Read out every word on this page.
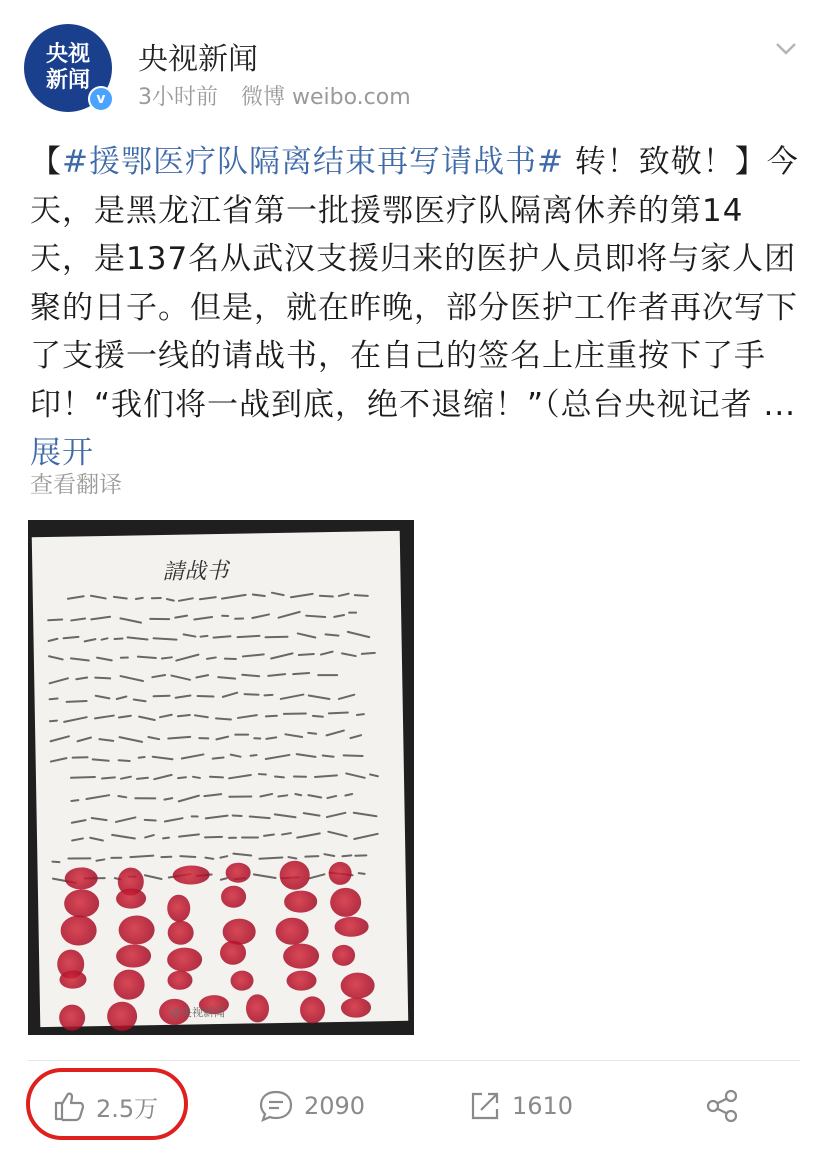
央视
新闻
v
央视新闻
3小时前 微博 weibo.com
【#援鄂医疗队隔离结束再写请战书# 转！致敬！】今天，是黑龙江省第一批援鄂医疗队隔离休养的第14天，是137名从武汉支援归来的医护人员即将与家人团聚的日子。但是，就在昨晚，部分医护工作者再次写下了支援一线的请战书，在自己的签名上庄重按下了手印！“我们将一战到底，绝不退缩！”（总台央视记者 ... 展开
查看翻译
請战书
@央视新闻
2.5万	2090	1610
